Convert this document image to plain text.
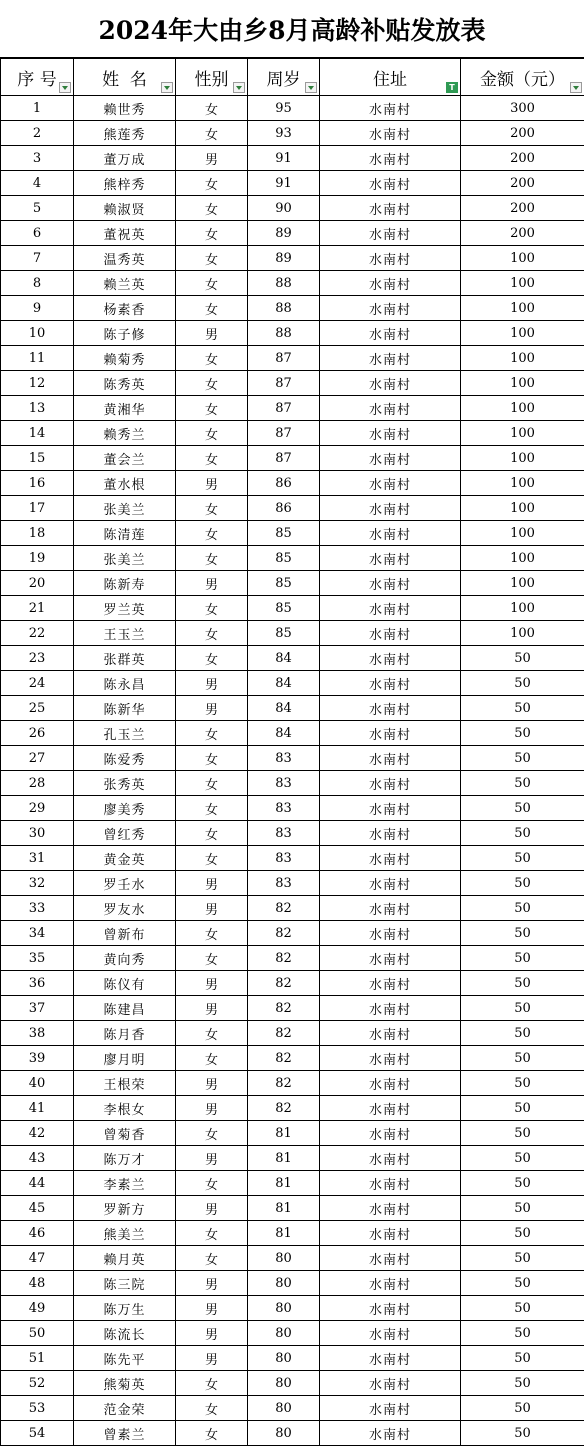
2024年大由乡8月高龄补贴发放表
序 号	姓  名	性别	周岁	住址 T	金额（元）

1	赖世秀	女	95	水南村	300
2	熊莲秀	女	93	水南村	200
3	董万成	男	91	水南村	200
4	熊梓秀	女	91	水南村	200
5	赖淑贤	女	90	水南村	200
6	董祝英	女	89	水南村	200
7	温秀英	女	89	水南村	100
8	赖兰英	女	88	水南村	100
9	杨素香	女	88	水南村	100
10	陈子修	男	88	水南村	100
11	赖菊秀	女	87	水南村	100
12	陈秀英	女	87	水南村	100
13	黄湘华	女	87	水南村	100
14	赖秀兰	女	87	水南村	100
15	董会兰	女	87	水南村	100
16	董水根	男	86	水南村	100
17	张美兰	女	86	水南村	100
18	陈清莲	女	85	水南村	100
19	张美兰	女	85	水南村	100
20	陈新寿	男	85	水南村	100
21	罗兰英	女	85	水南村	100
22	王玉兰	女	85	水南村	100
23	张群英	女	84	水南村	50
24	陈永昌	男	84	水南村	50
25	陈新华	男	84	水南村	50
26	孔玉兰	女	84	水南村	50
27	陈爱秀	女	83	水南村	50
28	张秀英	女	83	水南村	50
29	廖美秀	女	83	水南村	50
30	曾红秀	女	83	水南村	50
31	黄金英	女	83	水南村	50
32	罗壬水	男	83	水南村	50
33	罗友水	男	82	水南村	50
34	曾新布	女	82	水南村	50
35	黄向秀	女	82	水南村	50
36	陈仪有	男	82	水南村	50
37	陈建昌	男	82	水南村	50
38	陈月香	女	82	水南村	50
39	廖月明	女	82	水南村	50
40	王根荣	男	82	水南村	50
41	李根女	男	82	水南村	50
42	曾菊香	女	81	水南村	50
43	陈万才	男	81	水南村	50
44	李素兰	女	81	水南村	50
45	罗新方	男	81	水南村	50
46	熊美兰	女	81	水南村	50
47	赖月英	女	80	水南村	50
48	陈三院	男	80	水南村	50
49	陈万生	男	80	水南村	50
50	陈流长	男	80	水南村	50
51	陈先平	男	80	水南村	50
52	熊菊英	女	80	水南村	50
53	范金荣	女	80	水南村	50
54	曾素兰	女	80	水南村	50
